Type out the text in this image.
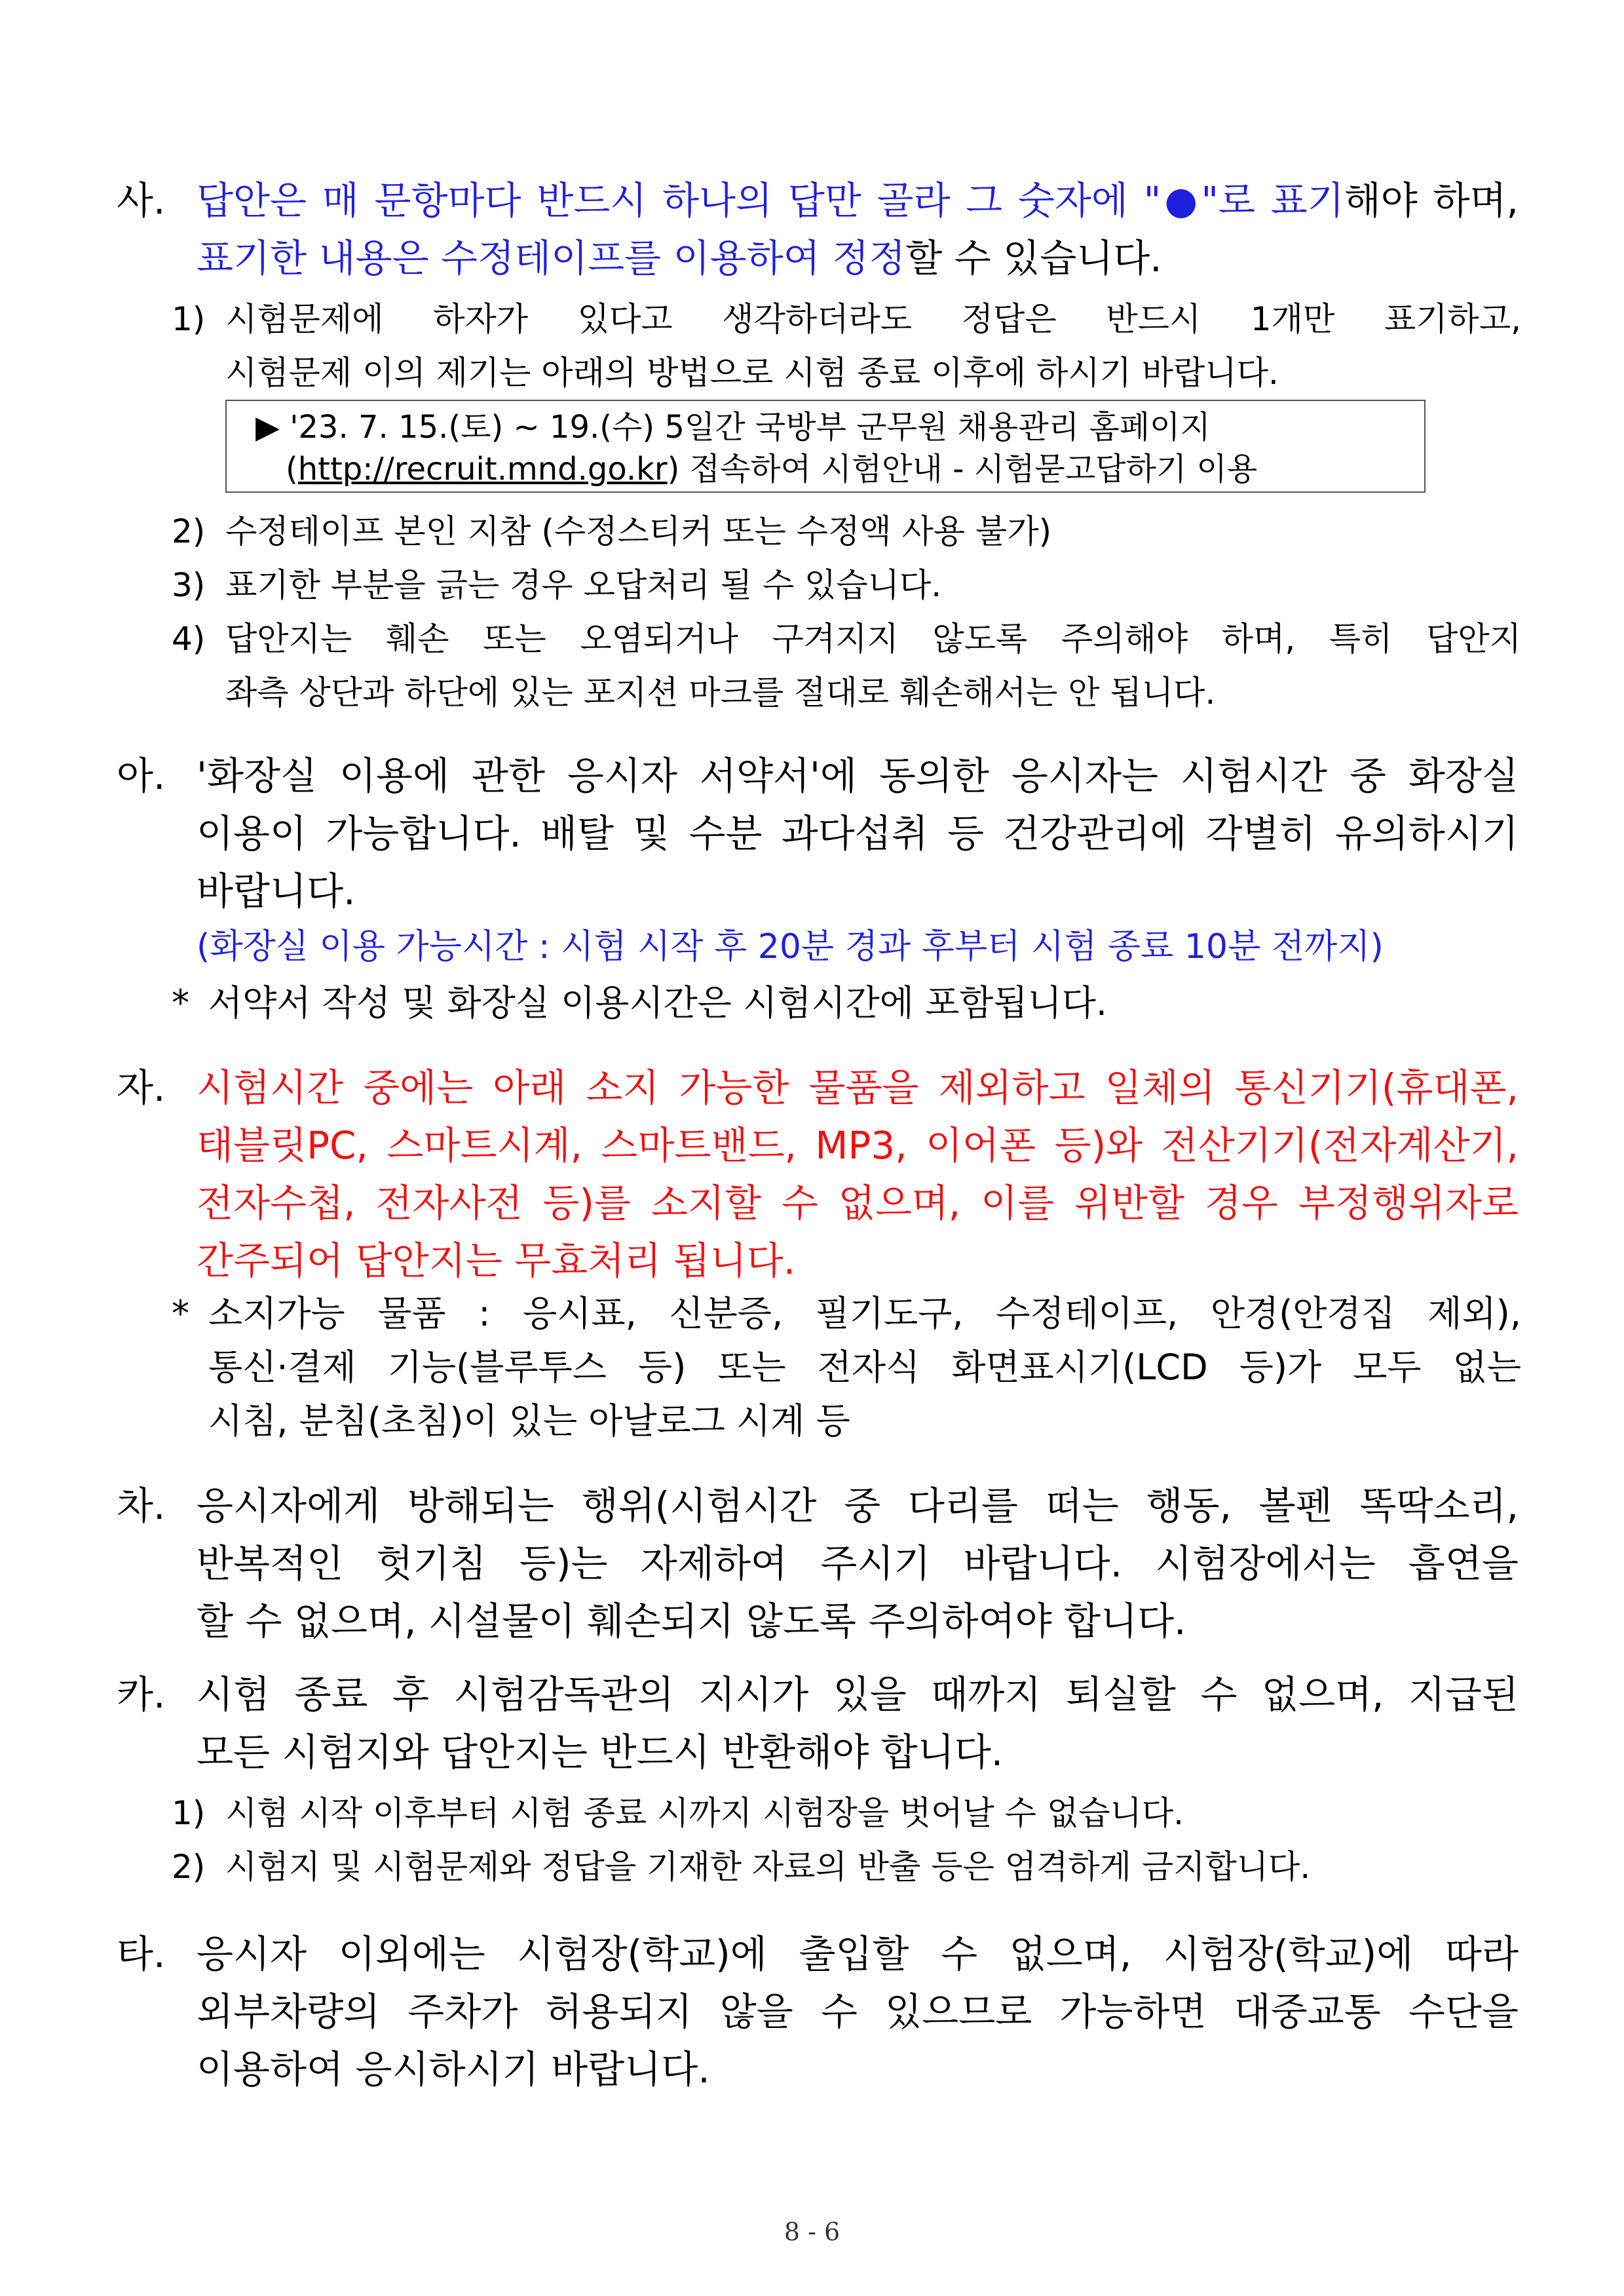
사. 답안은 매 문항마다 반드시 하나의 답만 골라 그 숫자에 "●"로 표기해야 하며,
표기한 내용은 수정테이프를 이용하여 정정할 수 있습니다.
1) 시험문제에 하자가 있다고 생각하더라도 정답은 반드시 1개만 표기하고,
시험문제 이의 제기는 아래의 방법으로 시험 종료 이후에 하시기 바랍니다.
▶ '23. 7. 15.(토) ~ 19.(수) 5일간 국방부 군무원 채용관리 홈페이지
(http://recruit.mnd.go.kr) 접속하여 시험안내 - 시험묻고답하기 이용
2) 수정테이프 본인 지참 (수정스티커 또는 수정액 사용 불가)
3) 표기한 부분을 긁는 경우 오답처리 될 수 있습니다.
4) 답안지는 훼손 또는 오염되거나 구겨지지 않도록 주의해야 하며, 특히 답안지
좌측 상단과 하단에 있는 포지션 마크를 절대로 훼손해서는 안 됩니다.
아. '화장실 이용에 관한 응시자 서약서'에 동의한 응시자는 시험시간 중 화장실
이용이 가능합니다. 배탈 및 수분 과다섭취 등 건강관리에 각별히 유의하시기
바랍니다.
(화장실 이용 가능시간 : 시험 시작 후 20분 경과 후부터 시험 종료 10분 전까지)
* 서약서 작성 및 화장실 이용시간은 시험시간에 포함됩니다.
자. 시험시간 중에는 아래 소지 가능한 물품을 제외하고 일체의 통신기기(휴대폰,
태블릿PC, 스마트시계, 스마트밴드, MP3, 이어폰 등)와 전산기기(전자계산기,
전자수첩, 전자사전 등)를 소지할 수 없으며, 이를 위반할 경우 부정행위자로
간주되어 답안지는 무효처리 됩니다.
* 소지가능 물품 : 응시표, 신분증, 필기도구, 수정테이프, 안경(안경집 제외),
통신·결제 기능(블루투스 등) 또는 전자식 화면표시기(LCD 등)가 모두 없는
시침, 분침(초침)이 있는 아날로그 시계 등
차. 응시자에게 방해되는 행위(시험시간 중 다리를 떠는 행동, 볼펜 똑딱소리,
반복적인 헛기침 등)는 자제하여 주시기 바랍니다. 시험장에서는 흡연을
할 수 없으며, 시설물이 훼손되지 않도록 주의하여야 합니다.
카. 시험 종료 후 시험감독관의 지시가 있을 때까지 퇴실할 수 없으며, 지급된
모든 시험지와 답안지는 반드시 반환해야 합니다.
1) 시험 시작 이후부터 시험 종료 시까지 시험장을 벗어날 수 없습니다.
2) 시험지 및 시험문제와 정답을 기재한 자료의 반출 등은 엄격하게 금지합니다.
타. 응시자 이외에는 시험장(학교)에 출입할 수 없으며, 시험장(학교)에 따라
외부차량의 주차가 허용되지 않을 수 있으므로 가능하면 대중교통 수단을
이용하여 응시하시기 바랍니다.
8 - 6
